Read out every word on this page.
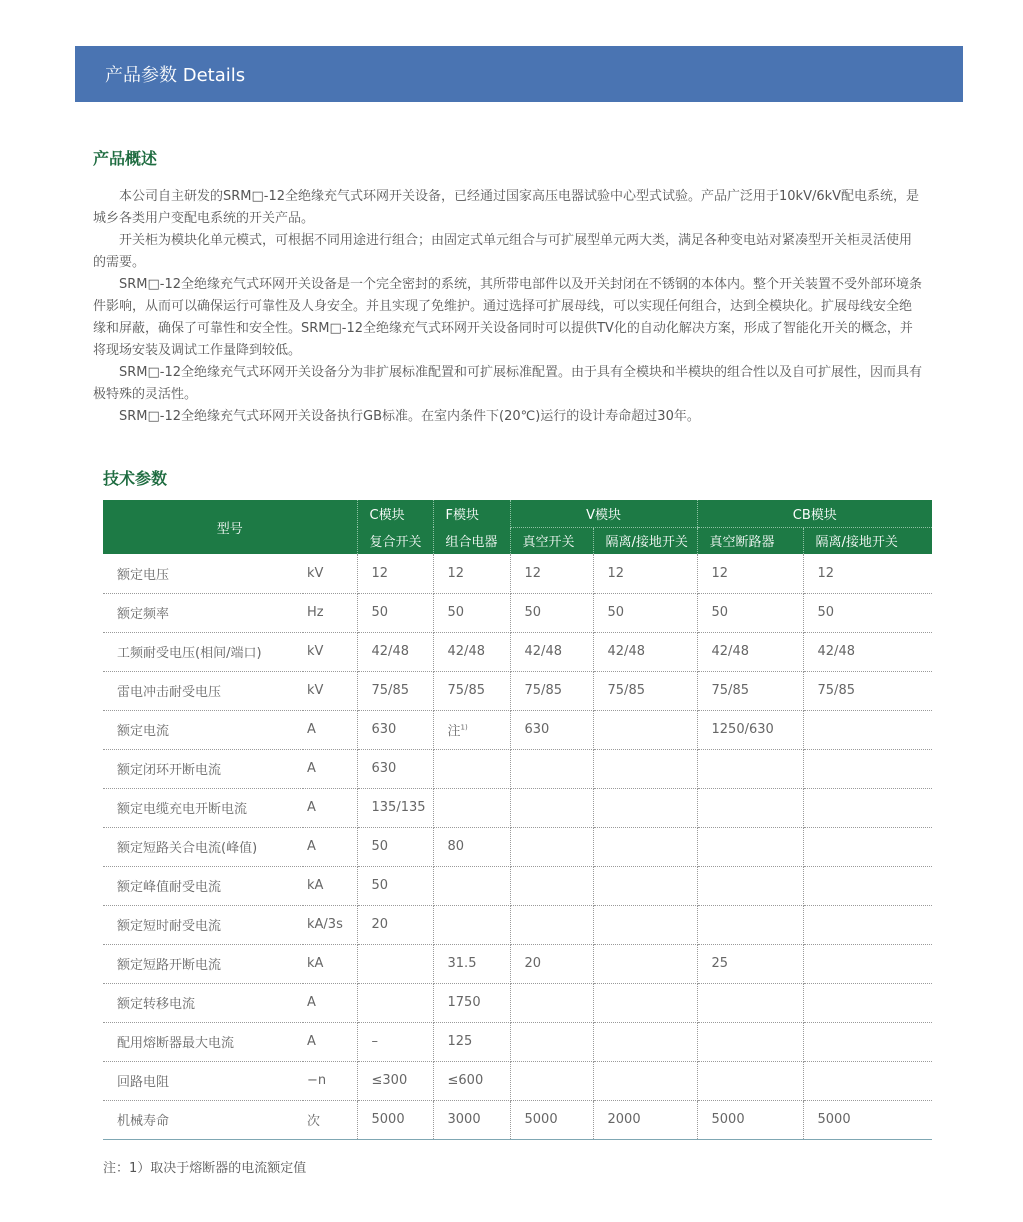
产品参数 Details
产品概述

本公司自主研发的SRM□-12全绝缘充气式环网开关设备，已经通过国家高压电器试验中心型式试验。产品广泛用于10kV/6kV配电系统，是城乡各类用户变配电系统的开关产品。

开关柜为模块化单元模式，可根据不同用途进行组合；由固定式单元组合与可扩展型单元两大类，满足各种变电站对紧凑型开关柜灵活使用的需要。

SRM□-12全绝缘充气式环网开关设备是一个完全密封的系统，其所带电部件以及开关封闭在不锈钢的本体内。整个开关装置不受外部环境条件影响，从而可以确保运行可靠性及人身安全。并且实现了免维护。通过选择可扩展母线，可以实现任何组合，达到全模块化。扩展母线安全绝缘和屏蔽，确保了可靠性和安全性。SRM□-12全绝缘充气式环网开关设备同时可以提供TV化的自动化解决方案，形成了智能化开关的概念，并将现场安装及调试工作量降到较低。

SRM□-12全绝缘充气式环网开关设备分为非扩展标准配置和可扩展标准配置。由于具有全模块和半模块的组合性以及自可扩展性，因而具有极特殊的灵活性。

SRM□-12全绝缘充气式环网开关设备执行GB标准。在室内条件下(20℃)运行的设计寿命超过30年。

技术参数
型号		C模块	F模块	V模块		CB模块	
		复合开关	组合电器	真空开关	隔离/接地开关	真空断路器	隔离/接地开关
额定电压	kV	12	12	12	12	12	12
额定频率	Hz	50	50	50	50	50	50
工频耐受电压(相间/端口)	kV	42/48	42/48	42/48	42/48	42/48	42/48
雷电冲击耐受电压	kV	75/85	75/85	75/85	75/85	75/85	75/85
额定电流	A	630	注$^{1)}$	630		1250/630	
额定闭环开断电流	A	630					
额定电缆充电开断电流	A	135/135					
额定短路关合电流(峰值)	A	50	80				
额定峰值耐受电流	kA	50					
额定短时耐受电流	kA/3s	20					
额定短路开断电流	kA		31.5	20		25	
额定转移电流	A		1750				
配用熔断器最大电流	A	–	125				
回路电阻	−n	≤300	≤600				
机械寿命	次	5000	3000	5000	2000	5000	5000
注：1）取决于熔断器的电流额定值
